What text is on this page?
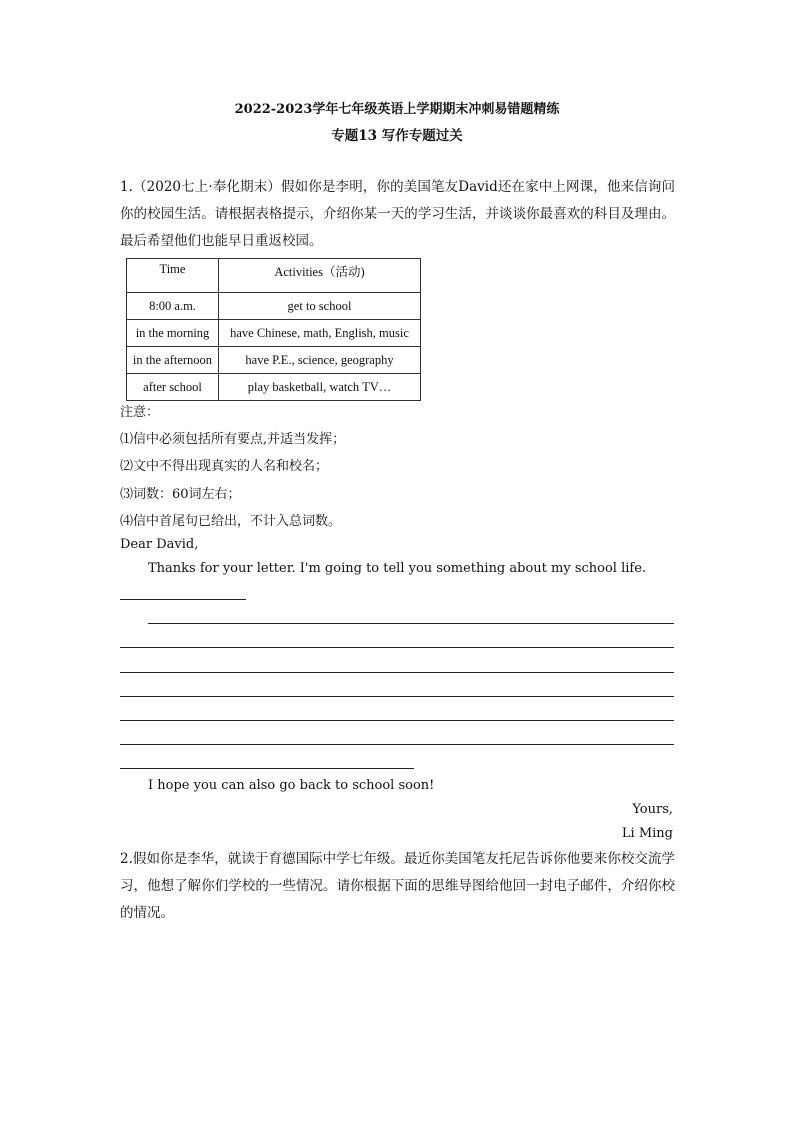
2022-2023学年七年级英语上学期期末冲刺易错题精练
专题13 写作专题过关
1.（2020七上·奉化期末）假如你是李明，你的美国笔友David还在家中上网课，他来信询问你的校园生活。请根据表格提示，介绍你某一天的学习生活，并谈谈你最喜欢的科目及理由。最后希望他们也能早日重返校园。
Time	Activities（活动)
8:00 a.m.	get to school
in the morning	have Chinese, math, English, music
in the afternoon	have P.E., science, geography
after school	play basketball, watch TV…
注意：
⑴信中必须包括所有要点,并适当发挥；
⑵文中不得出现真实的人名和校名；
⑶词数：60词左右；
⑷信中首尾句已给出，不计入总词数。
Dear David,
Thanks for your letter. I'm going to tell you something about my school life.
I hope you can also go back to school soon!
Yours,
Li Ming
2.假如你是李华，就读于育德国际中学七年级。最近你美国笔友托尼告诉你他要来你校交流学习，他想了解你们学校的一些情况。请你根据下面的思维导图给他回一封电子邮件，介绍你校的情况。
